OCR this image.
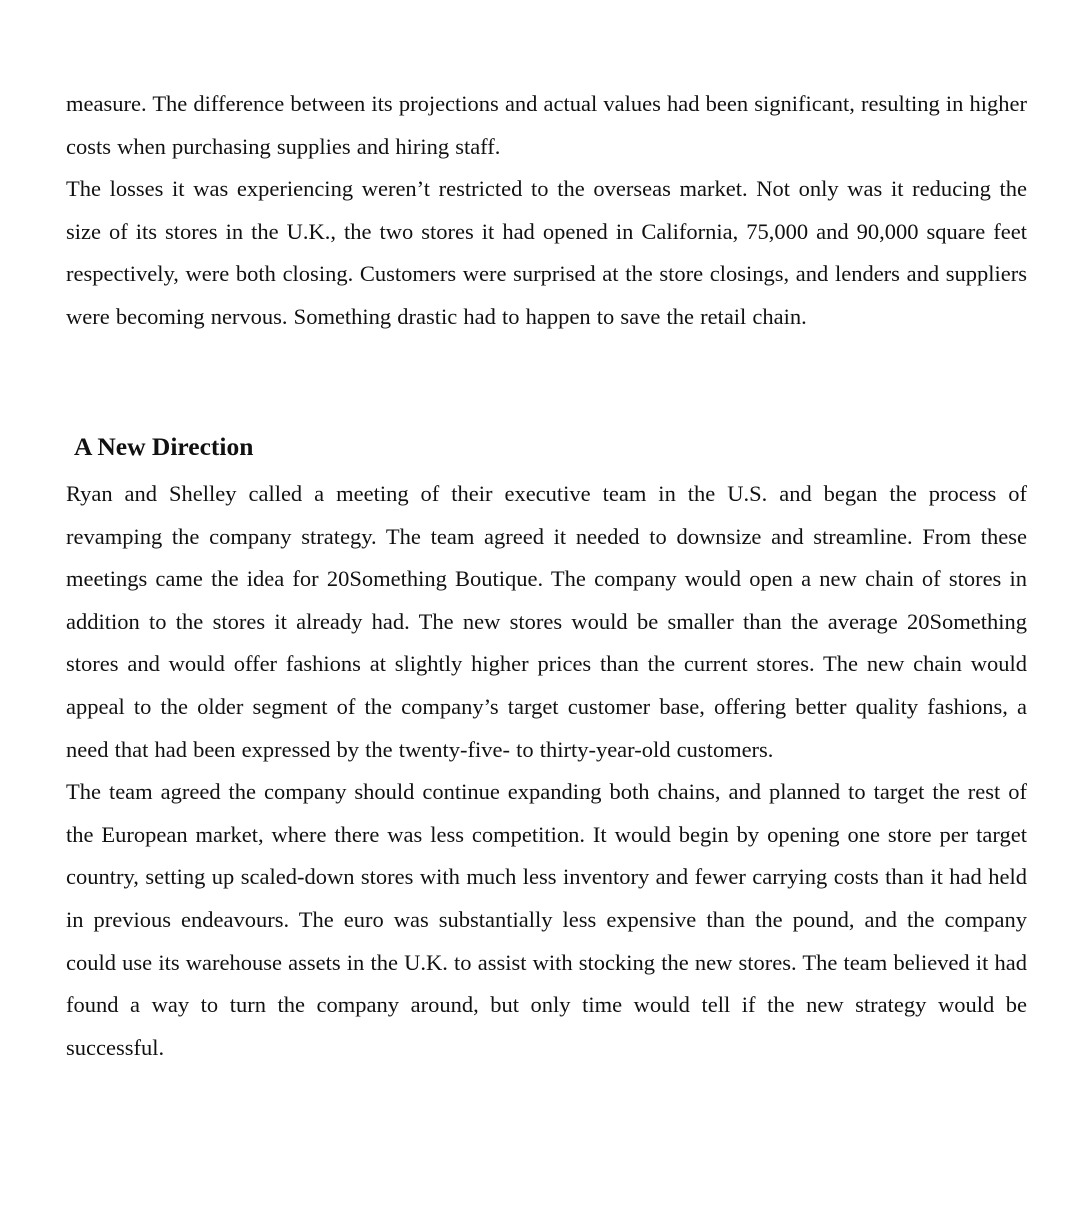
measure. The difference between its projections and actual values had been significant, resulting in higher costs when purchasing supplies and hiring staff.

The losses it was experiencing weren’t restricted to the overseas market. Not only was it reducing the size of its stores in the U.K., the two stores it had opened in California, 75,000 and 90,000 square feet respectively, were both closing. Customers were surprised at the store closings, and lenders and suppliers were becoming nervous. Something drastic had to happen to save the retail chain.

A New Direction

Ryan and Shelley called a meeting of their executive team in the U.S. and began the process of revamping the company strategy. The team agreed it needed to downsize and streamline. From these meetings came the idea for 20Something Boutique. The company would open a new chain of stores in addition to the stores it already had. The new stores would be smaller than the average 20Something stores and would offer fashions at slightly higher prices than the current stores. The new chain would appeal to the older segment of the company’s target customer base, offering better quality fashions, a need that had been expressed by the twenty-five- to thirty-year-old customers.

The team agreed the company should continue expanding both chains, and planned to target the rest of the European market, where there was less competition. It would begin by opening one store per target country, setting up scaled-down stores with much less inventory and fewer carrying costs than it had held in previous endeavours. The euro was substantially less expensive than the pound, and the company could use its warehouse assets in the U.K. to assist with stocking the new stores. The team believed it had found a way to turn the company around, but only time would tell if the new strategy would be successful.
